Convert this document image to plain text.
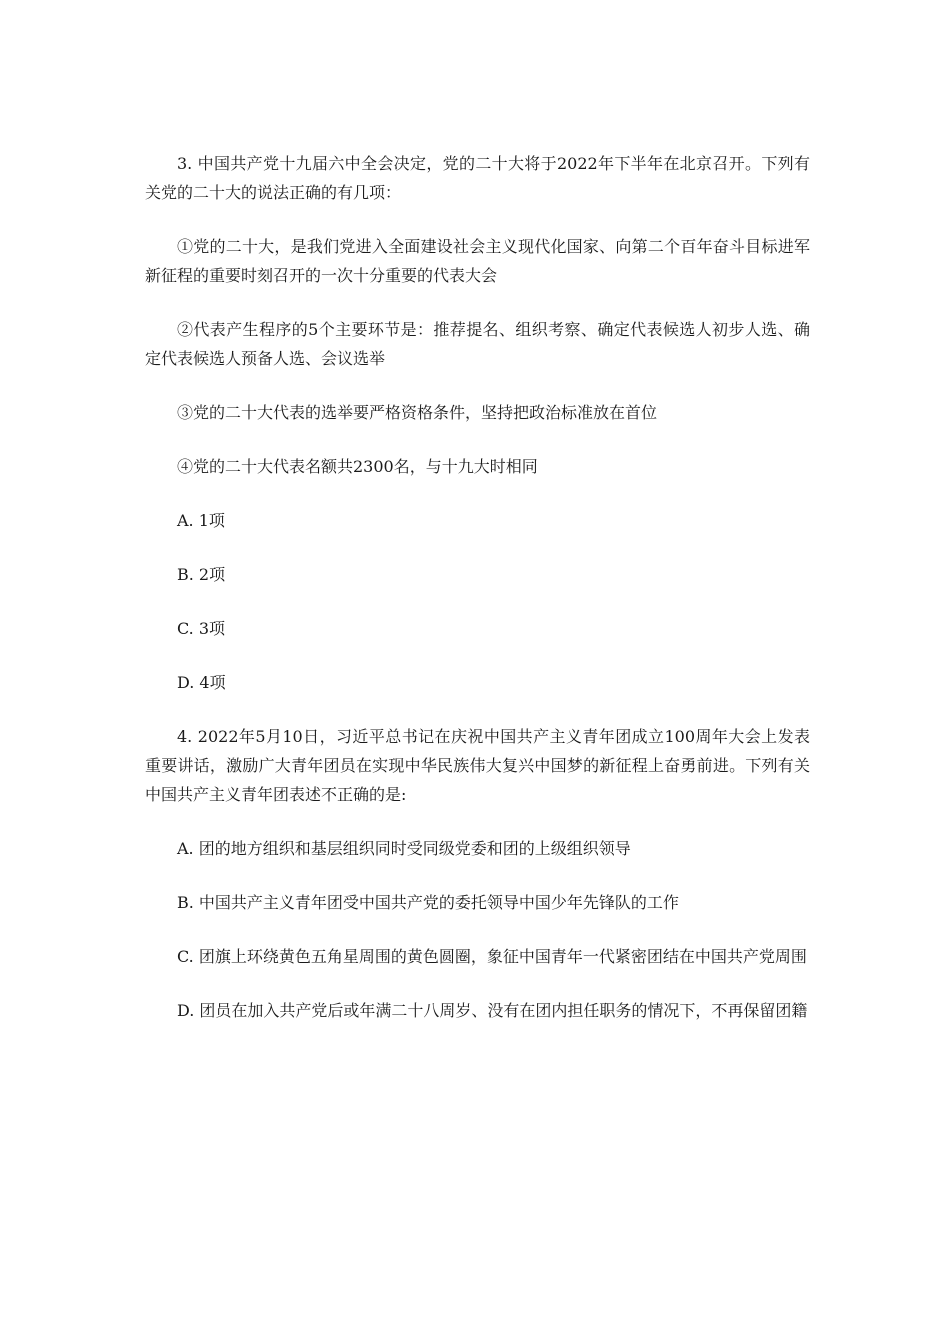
3. 中国共产党十九届六中全会决定，党的二十大将于2022年下半年在北京召开。下列有关党的二十大的说法正确的有几项：

①党的二十大，是我们党进入全面建设社会主义现代化国家、向第二个百年奋斗目标进军新征程的重要时刻召开的一次十分重要的代表大会

②代表产生程序的5个主要环节是：推荐提名、组织考察、确定代表候选人初步人选、确定代表候选人预备人选、会议选举

③党的二十大代表的选举要严格资格条件，坚持把政治标准放在首位

④党的二十大代表名额共2300名，与十九大时相同

A. 1项

B. 2项

C. 3项

D. 4项

4. 2022年5月10日，习近平总书记在庆祝中国共产主义青年团成立100周年大会上发表重要讲话，激励广大青年团员在实现中华民族伟大复兴中国梦的新征程上奋勇前进。下列有关中国共产主义青年团表述不正确的是:

A. 团的地方组织和基层组织同时受同级党委和团的上级组织领导

B. 中国共产主义青年团受中国共产党的委托领导中国少年先锋队的工作

C. 团旗上环绕黄色五角星周围的黄色圆圈，象征中国青年一代紧密团结在中国共产党周围

D. 团员在加入共产党后或年满二十八周岁、没有在团内担任职务的情况下，不再保留团籍
